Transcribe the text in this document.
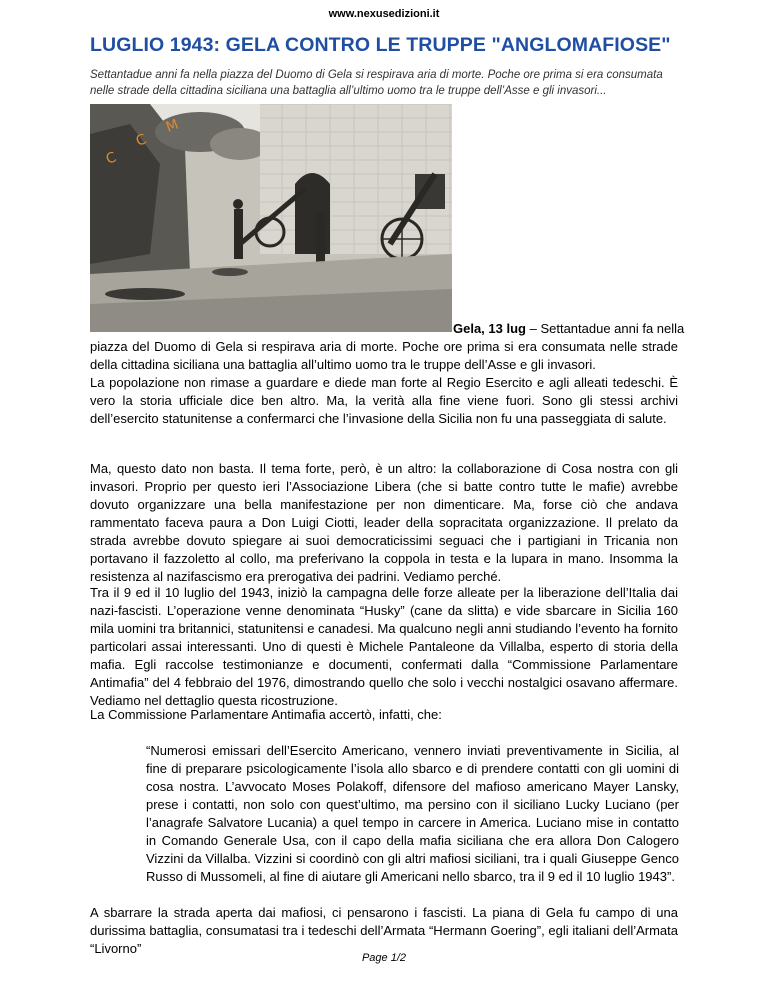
www.nexusedizioni.it
LUGLIO 1943: GELA CONTRO LE TRUPPE "ANGLOMAFIOSE"

Settantadue anni fa nella piazza del Duomo di Gela si respirava aria di morte. Poche ore prima si era consumata nelle strade della cittadina siciliana una battaglia all’ultimo uomo tra le truppe dell’Asse e gli invasori...

C
C
M
Gela, 13 lug – Settantadue anni fa nella

piazza del Duomo di Gela si respirava aria di morte. Poche ore prima si era consumata nelle strade della cittadina siciliana una battaglia all’ultimo uomo tra le truppe dell’Asse e gli invasori.

La popolazione non rimase a guardare e diede man forte al Regio Esercito e agli alleati tedeschi. È vero la storia ufficiale dice ben altro. Ma, la verità alla fine viene fuori. Sono gli stessi archivi dell’esercito statunitense a confermarci che l’invasione della Sicilia non fu una passeggiata di salute.

Ma, questo dato non basta. Il tema forte, però, è un altro: la collaborazione di Cosa nostra con gli invasori. Proprio per questo ieri l’Associazione Libera (che si batte contro tutte le mafie) avrebbe dovuto organizzare una bella manifestazione per non dimenticare. Ma, forse ciò che andava rammentato faceva paura a Don Luigi Ciotti, leader della sopracitata organizzazione. Il prelato da strada avrebbe dovuto spiegare ai suoi democraticissimi seguaci che i partigiani in Tricania non portavano il fazzoletto al collo, ma preferivano la coppola in testa e la lupara in mano. Insomma la resistenza al nazifascismo era prerogativa dei padrini. Vediamo perché.

Tra il 9 ed il 10 luglio del 1943, iniziò la campagna delle forze alleate per la liberazione dell’Italia dai nazi-fascisti. L’operazione venne denominata “Husky” (cane da slitta) e vide sbarcare in Sicilia 160 mila uomini tra britannici, statunitensi e canadesi. Ma qualcuno negli anni studiando l’evento ha fornito particolari assai interessanti. Uno di questi è Michele Pantaleone da Villalba, esperto di storia della mafia. Egli raccolse testimonianze e documenti, confermati dalla “Commissione Parlamentare Antimafia” del 4 febbraio del 1976, dimostrando quello che solo i vecchi nostalgici osavano affermare. Vediamo nel dettaglio questa ricostruzione.

La Commissione Parlamentare Antimafia accertò, infatti, che:

“Numerosi emissari dell’Esercito Americano, vennero inviati preventivamente in Sicilia, al fine di preparare psicologicamente l’isola allo sbarco e di prendere contatti con gli uomini di cosa nostra. L’avvocato Moses Polakoff, difensore del mafioso americano Mayer Lansky, prese i contatti, non solo con quest’ultimo, ma persino con il siciliano Lucky Luciano (per l’anagrafe Salvatore Lucania) a quel tempo in carcere in America. Luciano mise in contatto in Comando Generale Usa, con il capo della mafia siciliana che era allora Don Calogero Vizzini da Villalba. Vizzini si coordinò con gli altri mafiosi siciliani, tra i quali Giuseppe Genco Russo di Mussomeli, al fine di aiutare gli Americani nello sbarco, tra il 9 ed il 10 luglio 1943”.

A sbarrare la strada aperta dai mafiosi, ci pensarono i fascisti. La piana di Gela fu campo di una durissima battaglia, consumatasi tra i tedeschi dell’Armata “Hermann Goering”, egli italiani dell’Armata “Livorno”

Page 1/2
